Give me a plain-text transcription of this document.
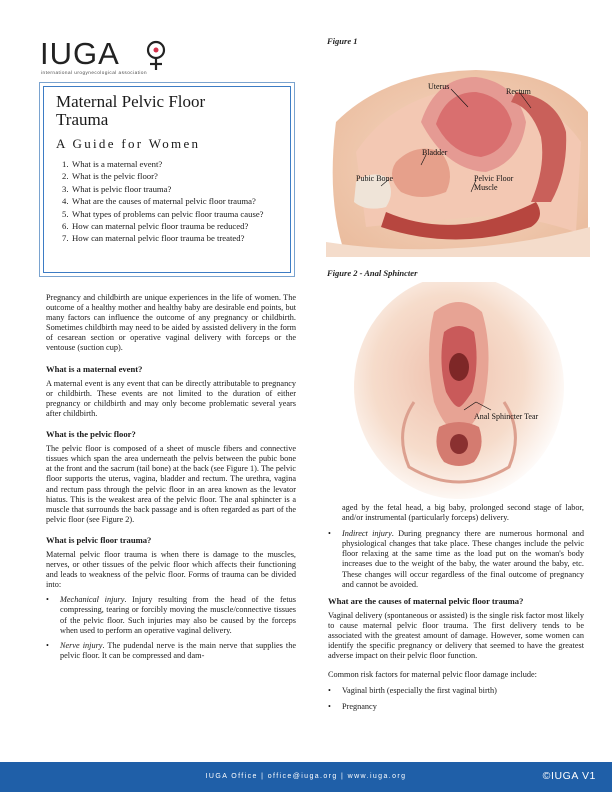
IUGA
international urogynecological association
Maternal Pelvic Floor Trauma
A Guide for Women
1. What is a maternal event?
2. What is the pelvic floor?
3. What is pelvic floor trauma?
4. What are the causes of maternal pelvic floor trauma?
5. What types of problems can pelvic floor trauma cause?
6. How can maternal pelvic floor trauma be reduced?
7. How can maternal pelvic floor trauma be treated?
Figure 1
Uterus
Rectum
Bladder
Pubic Bone	Pelvic Floor Muscle
Figure 2 - Anal Sphincter
Anal Sphincter Tear

Pregnancy and childbirth are unique experiences in the life of women. The outcome of a healthy mother and healthy baby are desirable end points, but many factors can influence the outcome of any pregnancy or childbirth. Sometimes childbirth may need to be aided by assisted delivery in the form of cesarean section or operative vaginal delivery with forceps or the ventouse (suction cup).

What is a maternal event?

A maternal event is any event that can be directly attributable to pregnancy or childbirth. These events are not limited to the duration of either pregnancy or childbirth and may only become problematic several years after childbirth.

What is the pelvic floor?

The pelvic floor is composed of a sheet of muscle fibers and connective tissues which span the area underneath the pelvis between the pubic bone at the front and the sacrum (tail bone) at the back (see Figure 1). The pelvic floor supports the uterus, vagina, bladder and rectum. The urethra, vagina and rectum pass through the pelvic floor in an area known as the levator hiatus. This is the weakest area of the pelvic floor. The anal sphincter is a muscle that surrounds the back passage and is often regarded as part of the pelvic floor (see Figure 2).

What is pelvic floor trauma?

Maternal pelvic floor trauma is when there is damage to the muscles, nerves, or other tissues of the pelvic floor which affects their functioning and leads to weakness of the pelvic floor. Forms of trauma can be divided into:

• Mechanical injury. Injury resulting from the head of the fetus compressing, tearing or forcibly moving the muscle/connective tissues of the pelvic floor. Such injuries may also be caused by the forceps when used to perform an operative vaginal delivery.
• Nerve injury. The pudendal nerve is the main nerve that supplies the pelvic floor. It can be compressed and dam-

aged by the fetal head, a big baby, prolonged second stage of labor, and/or instrumental (particularly forceps) delivery.

• Indirect injury. During pregnancy there are numerous hormonal and physiological changes that take place. These changes include the pelvic floor relaxing at the same time as the load put on the woman's body increases due to the weight of the baby, the water around the baby, etc. These changes will occur regardless of the final outcome of pregnancy and cannot be avoided.
What are the causes of maternal pelvic floor trauma?

Vaginal delivery (spontaneous or assisted) is the single risk factor most likely to cause maternal pelvic floor trauma. The first delivery tends to be associated with the greatest amount of damage. However, some women can identify the specific pregnancy or delivery that seemed to have the greatest adverse impact on their pelvic floor function.

Common risk factors for maternal pelvic floor damage include:

• Vaginal birth (especially the first vaginal birth)
• Pregnancy
IUGA Office | office@iuga.org | www.iuga.org	©IUGA V1
